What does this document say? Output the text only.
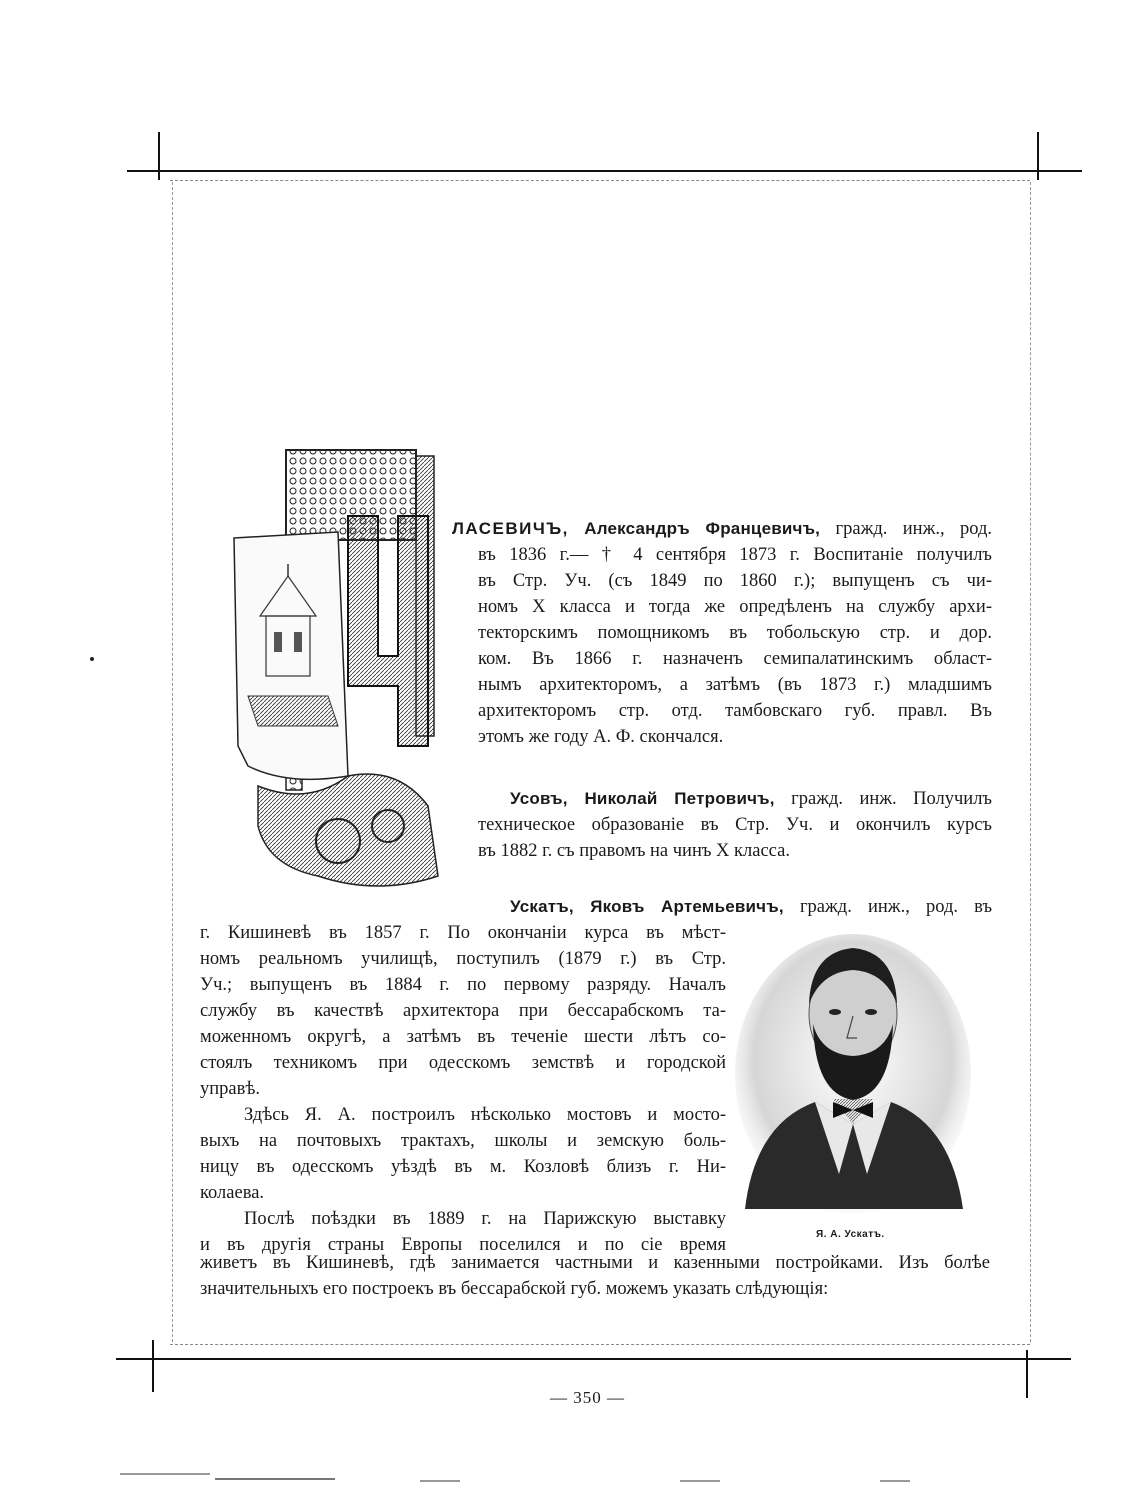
ЛАСЕВИЧЪ, Александръ Францевичъ, гражд. инж., род.
въ 1836 г.— † 4 сентября 1873 г. Воспитаніе получилъ
въ Стр. Уч. (съ 1849 по 1860 г.); выпущенъ съ чи-
номъ X класса и тогда же опредѣленъ на службу архи-
текторскимъ помощникомъ въ тобольскую стр. и дор.
ком. Въ 1866 г. назначенъ семипалатинскимъ област-
нымъ архитекторомъ, а затѣмъ (въ 1873 г.) младшимъ
архитекторомъ стр. отд. тамбовскаго губ. правл. Въ
этомъ же году А. Ф. скончался.
Усовъ, Николай Петровичъ, гражд. инж. Получилъ
техническое образованіе въ Стр. Уч. и окончилъ курсъ
въ 1882 г. съ правомъ на чинъ X класса.
Ускатъ, Яковъ Артемьевичъ, гражд. инж., род. въ
г. Кишиневѣ въ 1857 г. По окончаніи курса въ мѣст-
номъ реальномъ училищѣ, поступилъ (1879 г.) въ Стр.
Уч.; выпущенъ въ 1884 г. по первому разряду. Началъ
службу въ качествѣ архитектора при бессарабскомъ та-
моженномъ округѣ, а затѣмъ въ теченіе шести лѣтъ со-
стоялъ техникомъ при одесскомъ земствѣ и городской
управѣ.
Здѣсь Я. А. построилъ нѣсколько мостовъ и мосто-
выхъ на почтовыхъ трактахъ, школы и земскую боль-
ницу въ одесскомъ уѣздѣ въ м. Козловѣ близъ г. Ни-
колаева.
Послѣ поѣздки въ 1889 г. на Парижскую выставку
и въ другія страны Европы поселился и по сіе время
живетъ въ Кишиневѣ, гдѣ занимается частными и казенными постройками. Изъ болѣе
значительныхъ его построекъ въ бессарабской губ. можемъ указать слѣдующія:
Я. А. Ускатъ.
— 350 —
